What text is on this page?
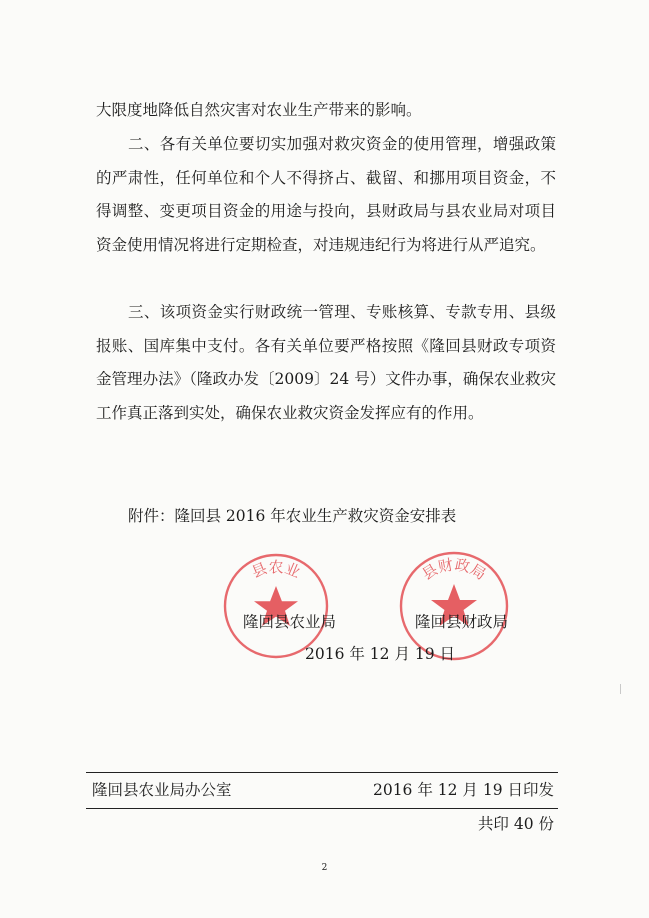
大限度地降低自然灾害对农业生产带来的影响。

二、各有关单位要切实加强对救灾资金的使用管理，增强政策的严肃性，任何单位和个人不得挤占、截留、和挪用项目资金，不得调整、变更项目资金的用途与投向，县财政局与县农业局对项目资金使用情况将进行定期检查，对违规违纪行为将进行从严追究。

三、该项资金实行财政统一管理、专账核算、专款专用、县级报账、国库集中支付。各有关单位要严格按照《隆回县财政专项资金管理办法》（隆政办发〔2009〕24 号）文件办事，确保农业救灾工作真正落到实处，确保农业救灾资金发挥应有的作用。

附件：隆回县 2016 年农业生产救灾资金安排表

县农业	县财政局
隆回县农业局	隆回县财政局
2016 年 12 月 19 日
隆回县农业局办公室	2016 年 12 月 19 日印发
共印 40 份
2
